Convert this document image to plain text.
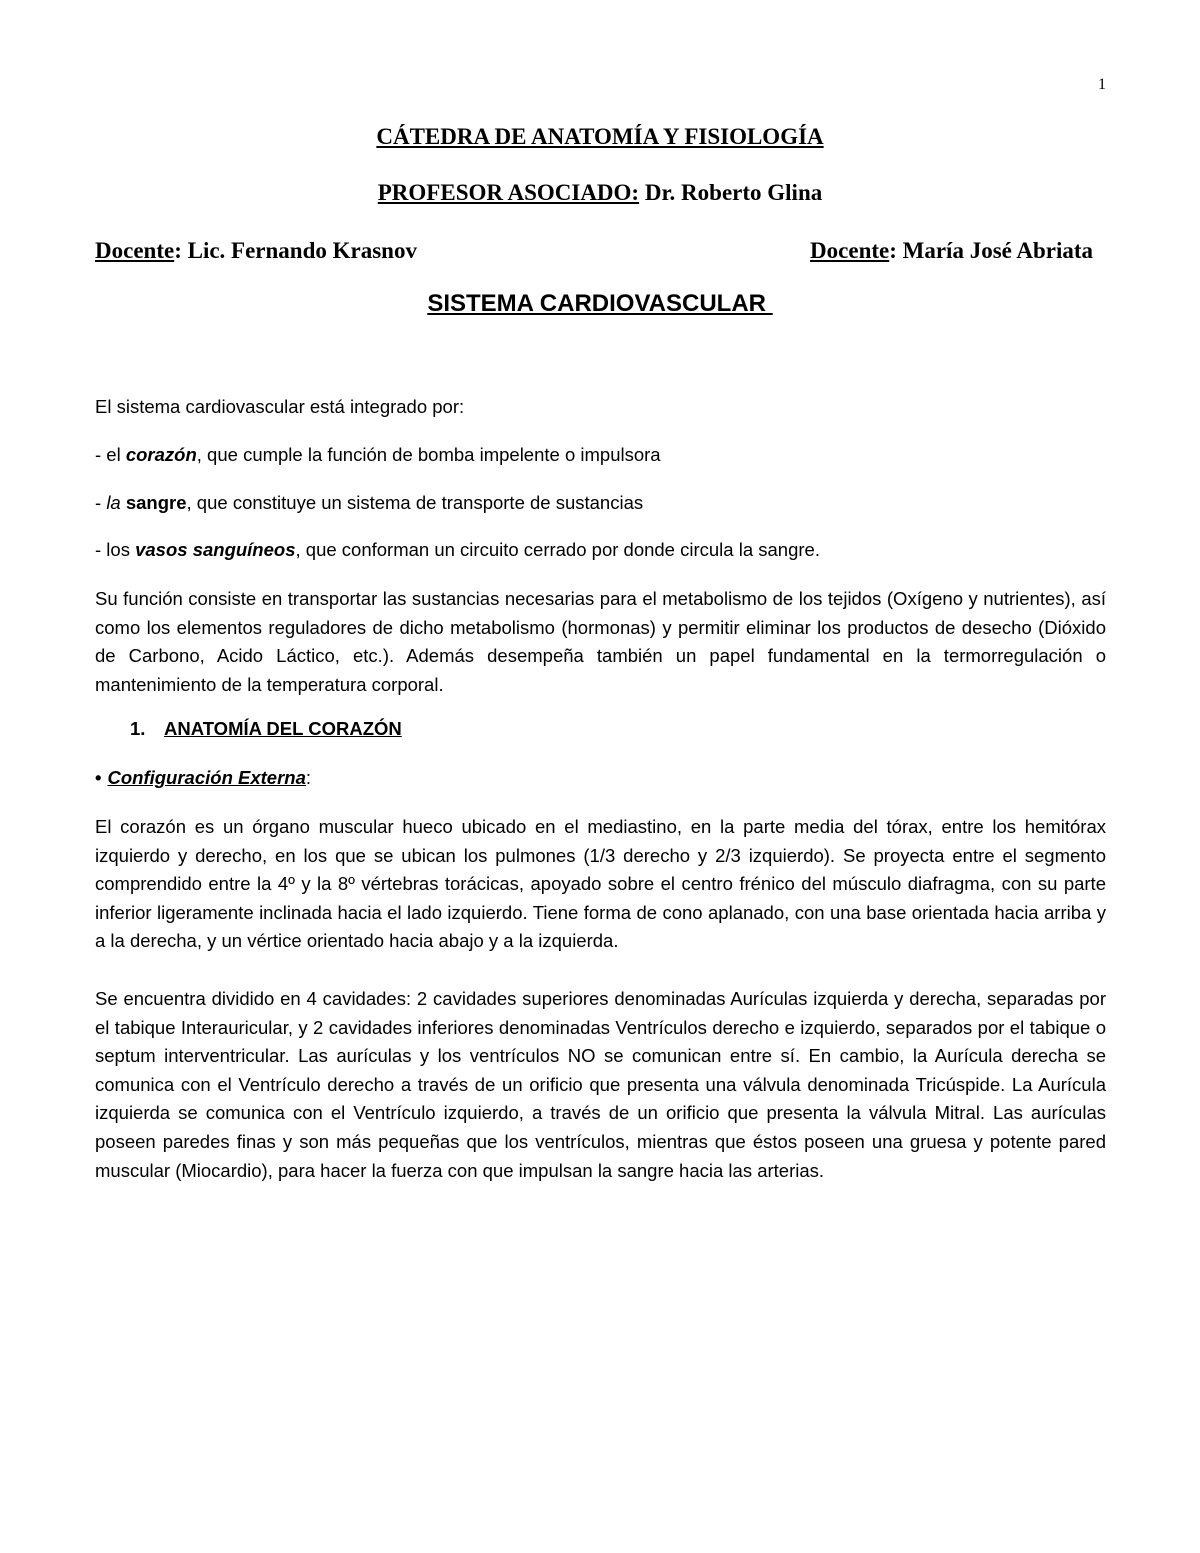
1
CÁTEDRA DE ANATOMÍA Y FISIOLOGÍA
PROFESOR ASOCIADO: Dr. Roberto Glina
Docente: Lic. Fernando Krasnov	Docente: María José Abriata
SISTEMA CARDIOVASCULAR
El sistema cardiovascular está integrado por:
- el corazón, que cumple la función de bomba impelente o impulsora
- la sangre, que constituye un sistema de transporte de sustancias
- los vasos sanguíneos, que conforman un circuito cerrado por donde circula la sangre.
Su función consiste en transportar las sustancias necesarias para el metabolismo de los tejidos (Oxígeno y nutrientes), así como los elementos reguladores de dicho metabolismo (hormonas) y permitir eliminar los productos de desecho (Dióxido de Carbono, Acido Láctico, etc.). Además desempeña también un papel fundamental en la termorregulación o mantenimiento de la temperatura corporal.
1. ANATOMÍA DEL CORAZÓN
• Configuración Externa:
El corazón es un órgano muscular hueco ubicado en el mediastino, en la parte media del tórax, entre los hemitórax izquierdo y derecho, en los que se ubican los pulmones (1/3 derecho y 2/3 izquierdo). Se proyecta entre el segmento comprendido entre la 4º y la 8º vértebras torácicas, apoyado sobre el centro frénico del músculo diafragma, con su parte inferior ligeramente inclinada hacia el lado izquierdo. Tiene forma de cono aplanado, con una base orientada hacia arriba y a la derecha, y un vértice orientado hacia abajo y a la izquierda.
Se encuentra dividido en 4 cavidades: 2 cavidades superiores denominadas Aurículas izquierda y derecha, separadas por el tabique Interauricular, y 2 cavidades inferiores denominadas Ventrículos derecho e izquierdo, separados por el tabique o septum interventricular. Las aurículas y los ventrículos NO se comunican entre sí. En cambio, la Aurícula derecha se comunica con el Ventrículo derecho a través de un orificio que presenta una válvula denominada Tricúspide. La Aurícula izquierda se comunica con el Ventrículo izquierdo, a través de un orificio que presenta la válvula Mitral. Las aurículas poseen paredes finas y son más pequeñas que los ventrículos, mientras que éstos poseen una gruesa y potente pared muscular (Miocardio), para hacer la fuerza con que impulsan la sangre hacia las arterias.
